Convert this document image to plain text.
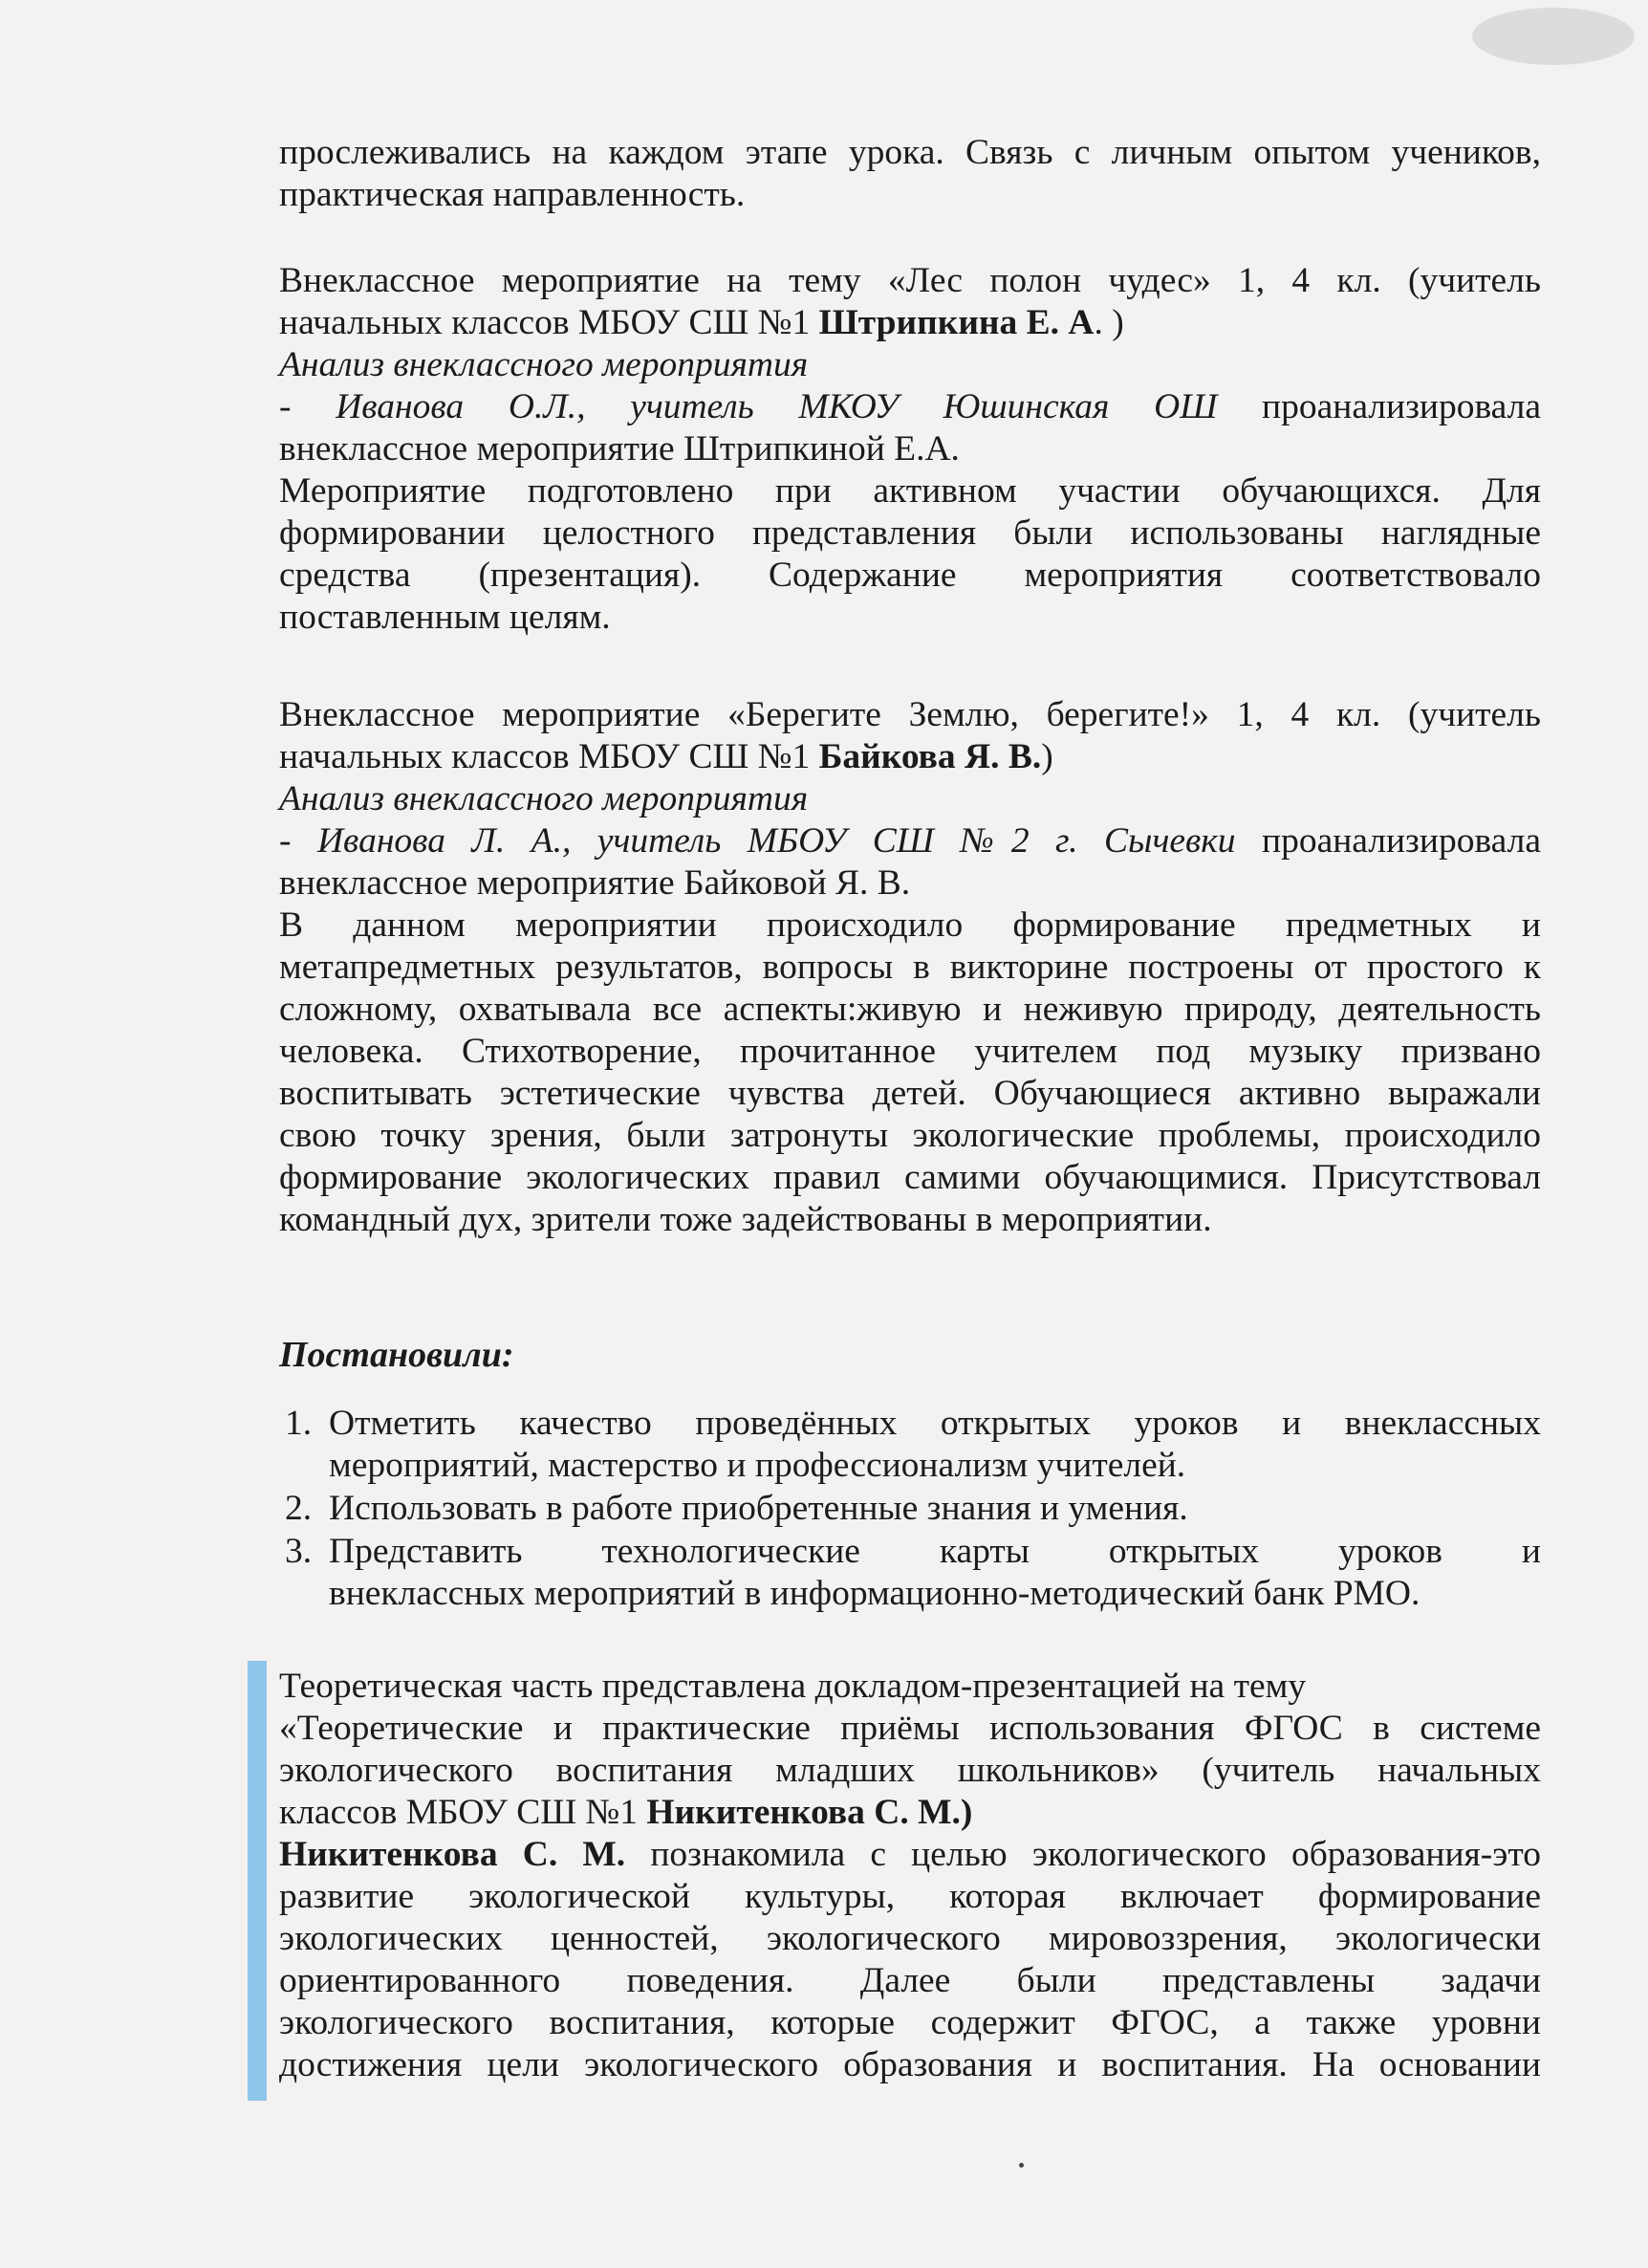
прослеживались на каждом этапе урока. Связь с личным опытом учеников,
практическая направленность.
Внеклассное мероприятие на тему «Лес полон чудес» 1, 4 кл. (учитель
начальных классов МБОУ СШ №1 Штрипкина Е. А. )
Анализ внеклассного мероприятия
- Иванова О.Л., учитель МКОУ Юшинская ОШ проанализировала
внеклассное мероприятие Штрипкиной Е.А.
Мероприятие подготовлено при активном участии обучающихся. Для
формировании целостного представления были использованы наглядные
средства (презентация). Содержание мероприятия соответствовало
поставленным целям.
Внеклассное мероприятие «Берегите Землю, берегите!» 1, 4 кл. (учитель
начальных классов МБОУ СШ №1 Байкова Я. В.)
Анализ внеклассного мероприятия
- Иванова Л. А., учитель МБОУ СШ №2 г. Сычевки проанализировала
внеклассное мероприятие Байковой Я. В.
В данном мероприятии происходило формирование предметных и
метапредметных результатов, вопросы в викторине построены от простого к
сложному, охватывала все аспекты:живую и неживую природу, деятельность
человека. Стихотворение, прочитанное учителем под музыку призвано
воспитывать эстетические чувства детей. Обучающиеся активно выражали
свою точку зрения, были затронуты экологические проблемы, происходило
формирование экологических правил самими обучающимися. Присутствовал
командный дух, зрители тоже задействованы в мероприятии.
Постановили:
1. Отметить качество проведённых открытых уроков и внеклассных
мероприятий, мастерство и профессионализм учителей.
2. Использовать в работе приобретенные знания и умения.
3. Представить технологические карты открытых уроков и
внеклассных мероприятий в информационно-методический банк РМО.
Теоретическая часть представлена докладом-презентацией на тему
«Теоретические и практические приёмы использования ФГОС в системе
экологического воспитания младших школьников» (учитель начальных
классов МБОУ СШ №1 Никитенкова С. М.)
Никитенкова С. М. познакомила с целью экологического образования-это
развитие экологической культуры, которая включает формирование
экологических ценностей, экологического мировоззрения, экологически
ориентированного поведения. Далее были представлены задачи
экологического воспитания, которые содержит ФГОС, а также уровни
достижения цели экологического образования и воспитания. На основании
